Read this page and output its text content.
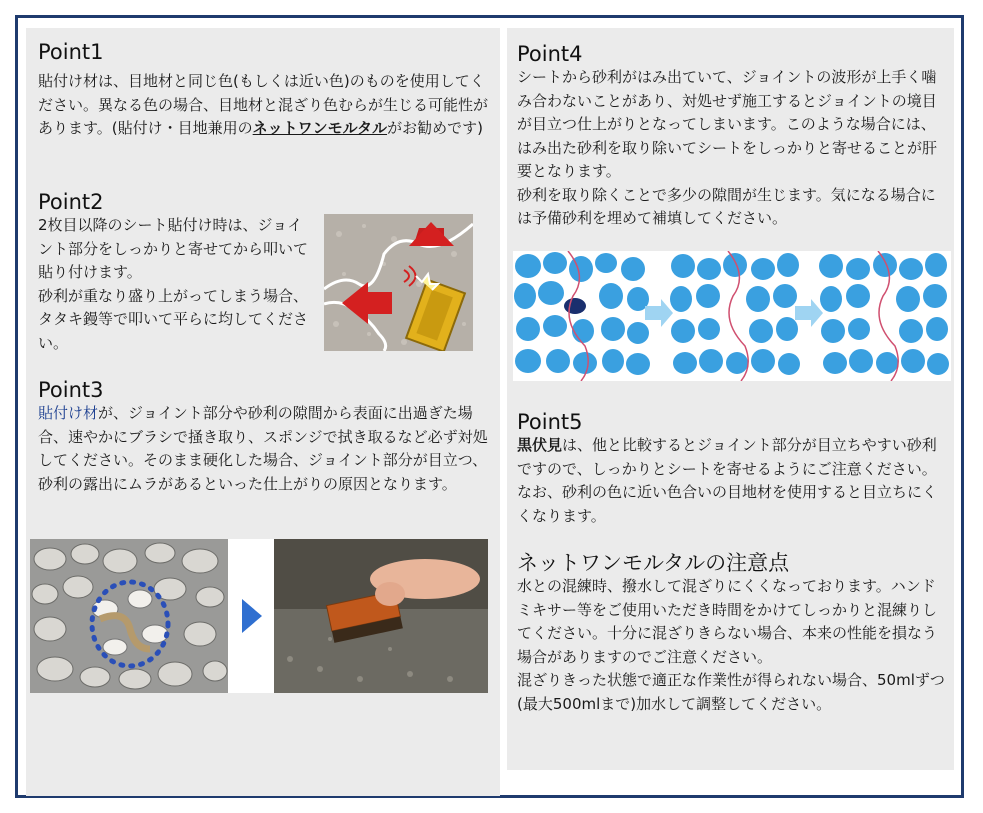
Point1

貼付け材は、目地材と同じ色(もしくは近い色)のものを使用してください。異なる色の場合、目地材と混ざり色むらが生じる可能性があります。(貼付け・目地兼用のネットワンモルタルがお勧めです)

Point2

2枚目以降のシート貼付け時は、ジョイント部分をしっかりと寄せてから叩いて貼り付けます。
砂利が重なり盛り上がってしまう場合、タタキ鏝等で叩いて平らに均してください。

Point3

貼付け材が、ジョイント部分や砂利の隙間から表面に出過ぎた場合、速やかにブラシで掻き取り、スポンジで拭き取るなど必ず対処してください。そのまま硬化した場合、ジョイント部分が目立つ、砂利の露出にムラがあるといった仕上がりの原因となります。

Point4

シートから砂利がはみ出ていて、ジョイントの波形が上手く噛み合わないことがあり、対処せず施工するとジョイントの境目が目立つ仕上がりとなってしまいます。このような場合には、はみ出た砂利を取り除いてシートをしっかりと寄せることが肝要となります。
砂利を取り除くことで多少の隙間が生じます。気になる場合には予備砂利を埋めて補填してください。

Point5

黒伏見は、他と比較するとジョイント部分が目立ちやすい砂利ですので、しっかりとシートを寄せるようにご注意ください。なお、砂利の色に近い色合いの目地材を使用すると目立ちにくくなります。

ネットワンモルタルの注意点

水との混練時、撥水して混ざりにくくなっております。ハンドミキサー等をご使用いただき時間をかけてしっかりと混練りしてください。十分に混ざりきらない場合、本来の性能を損なう場合がありますのでご注意ください。
混ざりきった状態で適正な作業性が得られない場合、50mlずつ(最大500mlまで)加水して調整してください。
